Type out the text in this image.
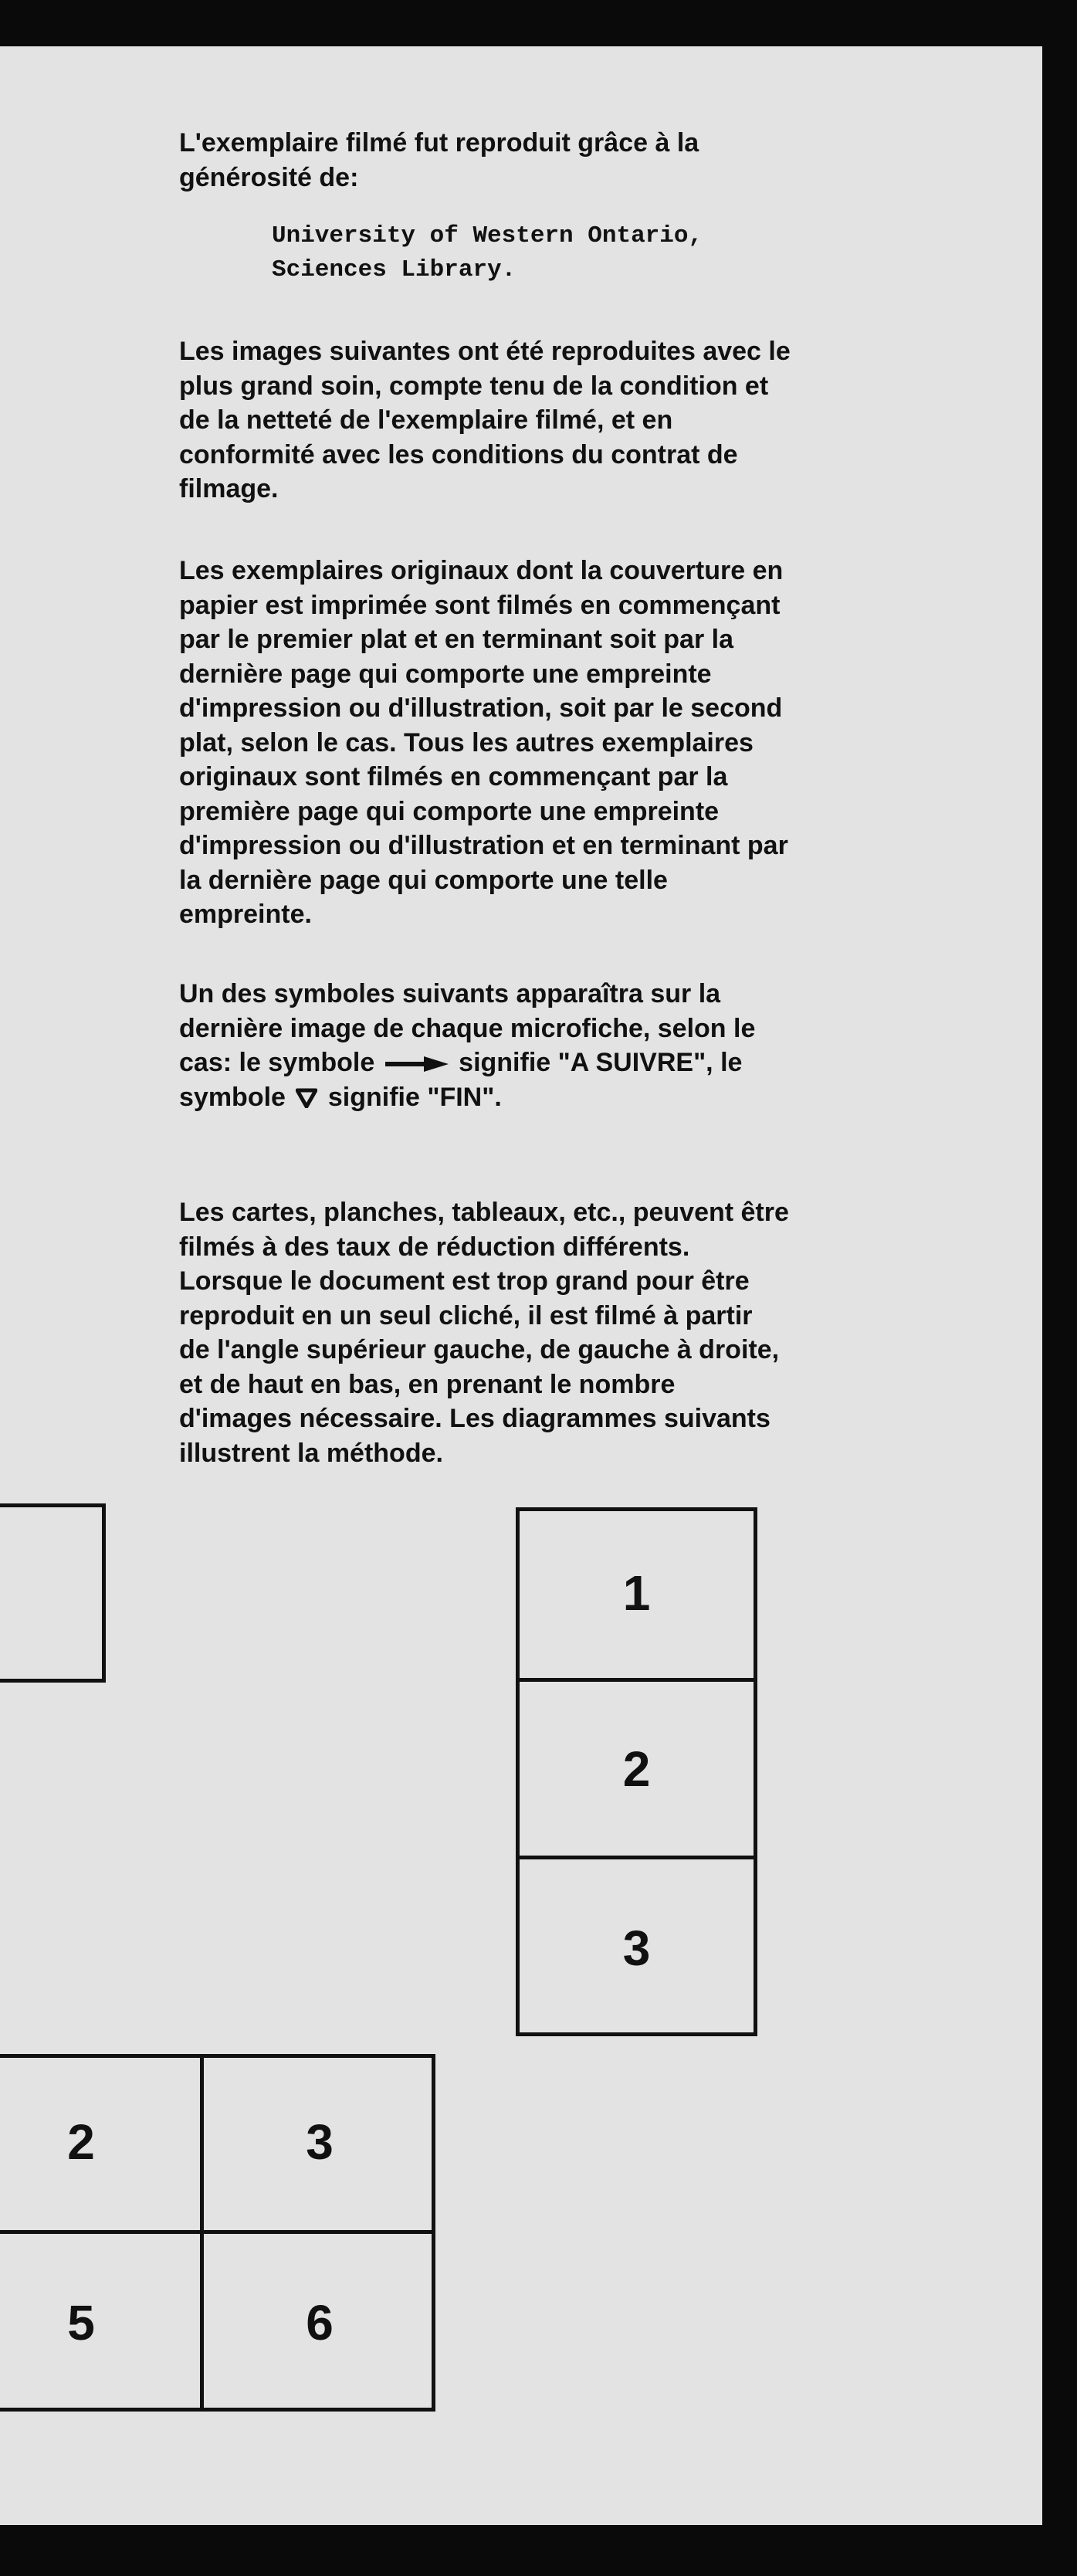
L'exemplaire filmé fut reproduit grâce à la
générosité de:
University of Western Ontario,
Sciences Library.
Les images suivantes ont été reproduites avec le
plus grand soin, compte tenu de la condition et
de la netteté de l'exemplaire filmé, et en
conformité avec les conditions du contrat de
filmage.
Les exemplaires originaux dont la couverture en
papier est imprimée sont filmés en commençant
par le premier plat et en terminant soit par la
dernière page qui comporte une empreinte
d'impression ou d'illustration, soit par le second
plat, selon le cas. Tous les autres exemplaires
originaux sont filmés en commençant par la
première page qui comporte une empreinte
d'impression ou d'illustration et en terminant par
la dernière page qui comporte une telle
empreinte.
Un des symboles suivants apparaîtra sur la
dernière image de chaque microfiche, selon le
cas: le symbole	signifie "A SUIVRE", le
symbole signifie "FIN".
Les cartes, planches, tableaux, etc., peuvent être
filmés à des taux de réduction différents.
Lorsque le document est trop grand pour être
reproduit en un seul cliché, il est filmé à partir
de l'angle supérieur gauche, de gauche à droite,
et de haut en bas, en prenant le nombre
d'images nécessaire. Les diagrammes suivants
illustrent la méthode.
1
2
3
2	3
5	6
